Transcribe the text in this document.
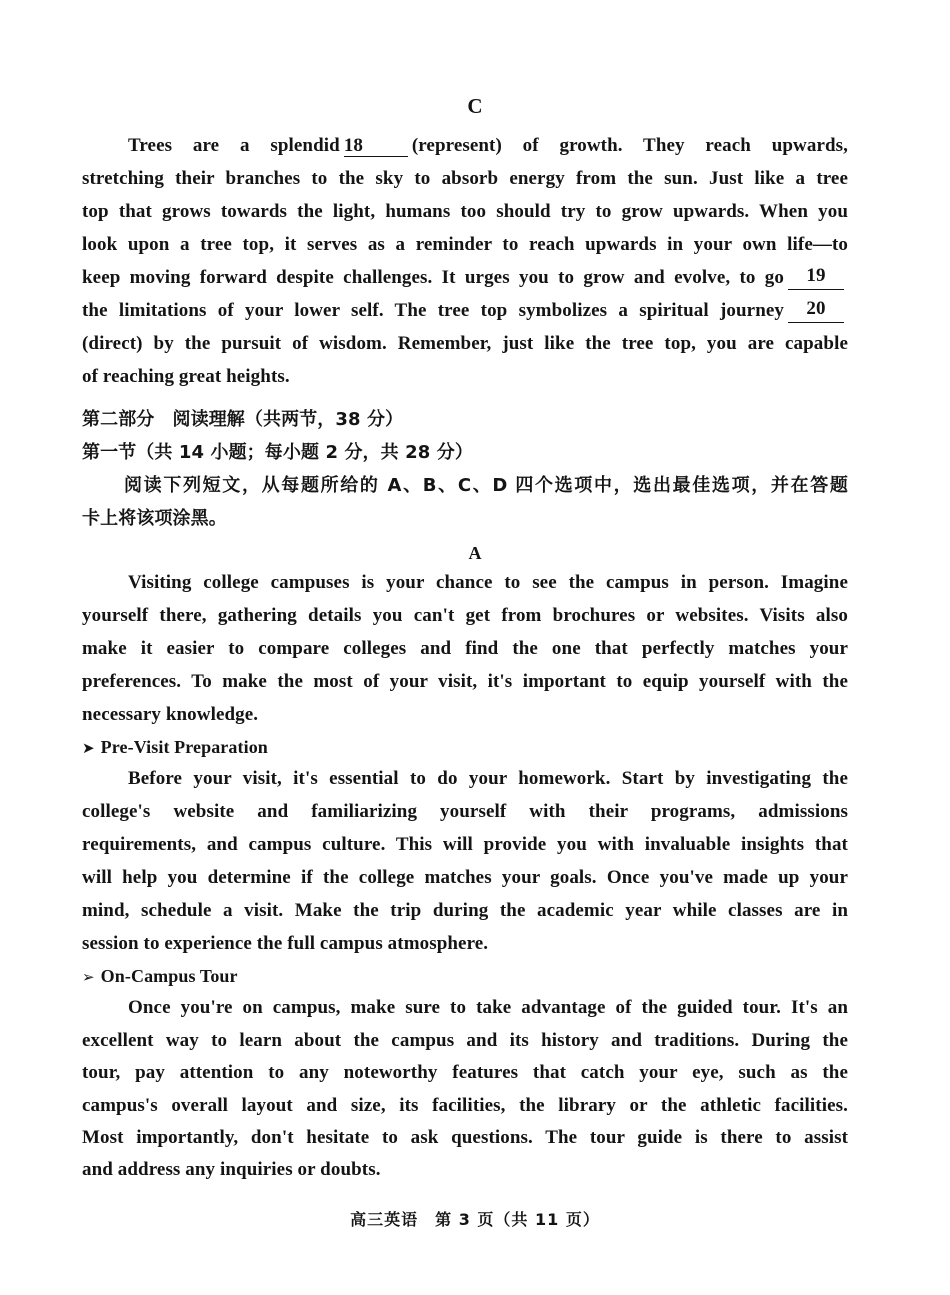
C
Trees are a splendid 18	(represent) of growth. They reach upwards,
stretching their branches to the sky to absorb energy from the sun. Just like a tree
top that grows towards the light, humans too should try to grow upwards. When you
look upon a tree top, it serves as a reminder to reach upwards in your own life—to
keep moving forward despite challenges. It urges you to grow and evolve, to go	19
the limitations of your lower self. The tree top symbolizes a spiritual journey	20
(direct) by the pursuit of wisdom. Remember, just like the tree top, you are capable
of reaching great heights.
第二部分　阅读理解（共两节，38 分）
第一节（共 14 小题；每小题 2 分，共 28 分）
阅读下列短文，从每题所给的 A、B、C、D 四个选项中，选出最佳选项，并在答题
卡上将该项涂黑。
A
Visiting college campuses is your chance to see the campus in person. Imagine
yourself there, gathering details you can't get from brochures or websites. Visits also
make it easier to compare colleges and find the one that perfectly matches your
preferences. To make the most of your visit, it's important to equip yourself with the
necessary knowledge.
➤ Pre-Visit Preparation
Before your visit, it's essential to do your homework. Start by investigating the
college's website and familiarizing yourself with their programs, admissions
requirements, and campus culture. This will provide you with invaluable insights that
will help you determine if the college matches your goals. Once you've made up your
mind, schedule a visit. Make the trip during the academic year while classes are in
session to experience the full campus atmosphere.
➢ On-Campus Tour
Once you're on campus, make sure to take advantage of the guided tour. It's an
excellent way to learn about the campus and its history and traditions. During the
tour, pay attention to any noteworthy features that catch your eye, such as the
campus's overall layout and size, its facilities, the library or the athletic facilities.
Most importantly, don't hesitate to ask questions. The tour guide is there to assist
and address any inquiries or doubts.
高三英语　第 3 页（共 11 页）
